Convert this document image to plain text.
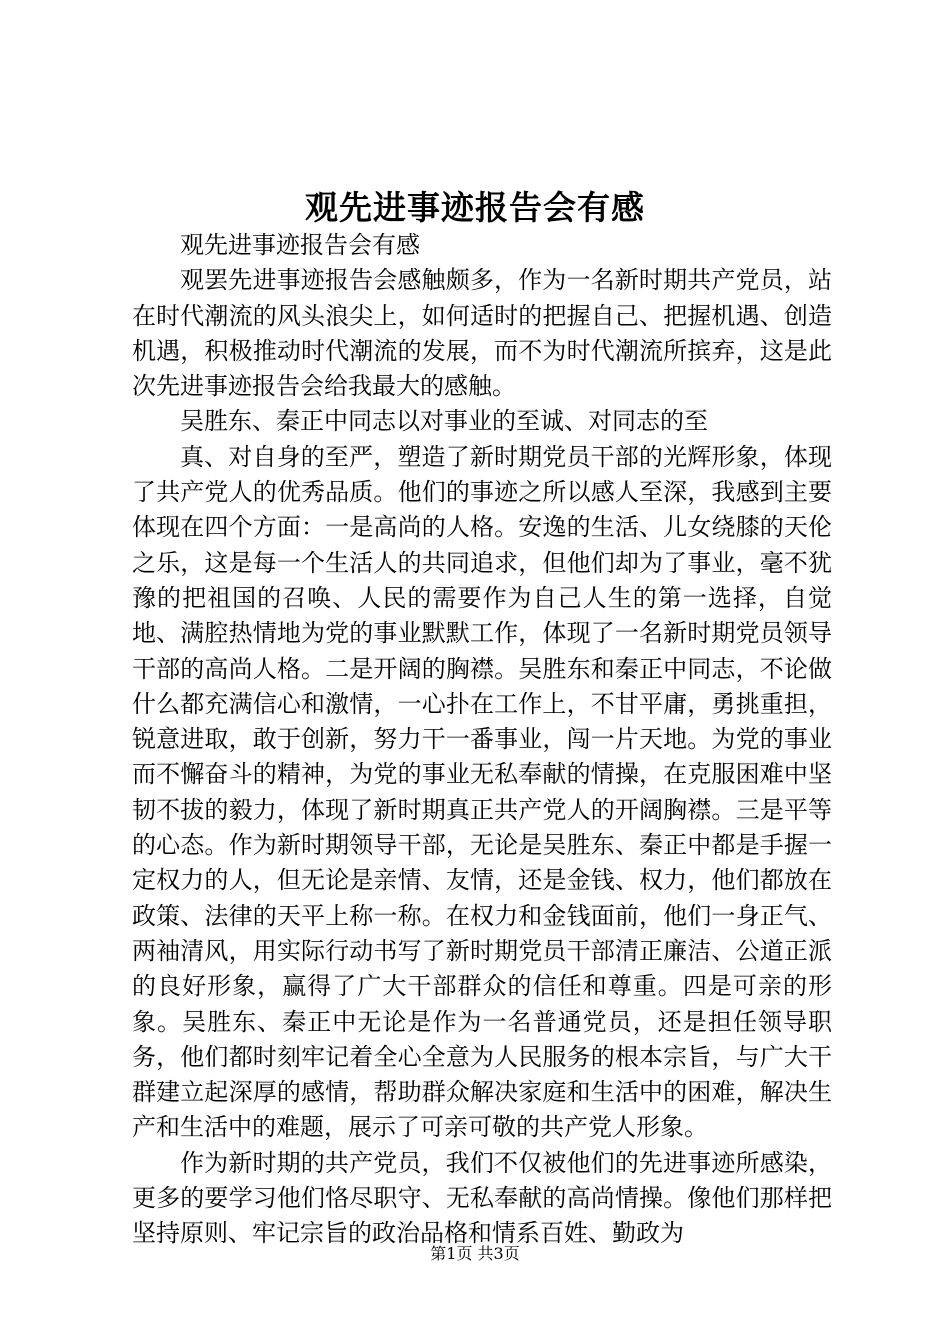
观先进事迹报告会有感

观先进事迹报告会有感

观罢先进事迹报告会感触颇多，作为一名新时期共产党员，站在时代潮流的风头浪尖上，如何适时的把握自己、把握机遇、创造机遇，积极推动时代潮流的发展，而不为时代潮流所摈弃，这是此次先进事迹报告会给我最大的感触。

吴胜东、秦正中同志以对事业的至诚、对同志的至

真、对自身的至严，塑造了新时期党员干部的光辉形象，体现了共产党人的优秀品质。他们的事迹之所以感人至深，我感到主要体现在四个方面：一是高尚的人格。安逸的生活、儿女绕膝的天伦之乐，这是每一个生活人的共同追求，但他们却为了事业，毫不犹豫的把祖国的召唤、人民的需要作为自己人生的第一选择，自觉地、满腔热情地为党的事业默默工作，体现了一名新时期党员领导干部的高尚人格。二是开阔的胸襟。吴胜东和秦正中同志，不论做什么都充满信心和激情，一心扑在工作上，不甘平庸，勇挑重担，锐意进取，敢于创新，努力干一番事业，闯一片天地。为党的事业而不懈奋斗的精神，为党的事业无私奉献的情操，在克服困难中坚韧不拔的毅力，体现了新时期真正共产党人的开阔胸襟。三是平等的心态。作为新时期领导干部，无论是吴胜东、秦正中都是手握一定权力的人，但无论是亲情、友情，还是金钱、权力，他们都放在政策、法律的天平上称一称。在权力和金钱面前，他们一身正气、两袖清风，用实际行动书写了新时期党员干部清正廉洁、公道正派的良好形象，赢得了广大干部群众的信任和尊重。四是可亲的形象。吴胜东、秦正中无论是作为一名普通党员，还是担任领导职务，他们都时刻牢记着全心全意为人民服务的根本宗旨，与广大干群建立起深厚的感情，帮助群众解决家庭和生活中的困难，解决生产和生活中的难题，展示了可亲可敬的共产党人形象。

作为新时期的共产党员，我们不仅被他们的先进事迹所感染，更多的要学习他们恪尽职守、无私奉献的高尚情操。像他们那样把坚持原则、牢记宗旨的政治品格和情系百姓、勤政为

第1页 共3页
